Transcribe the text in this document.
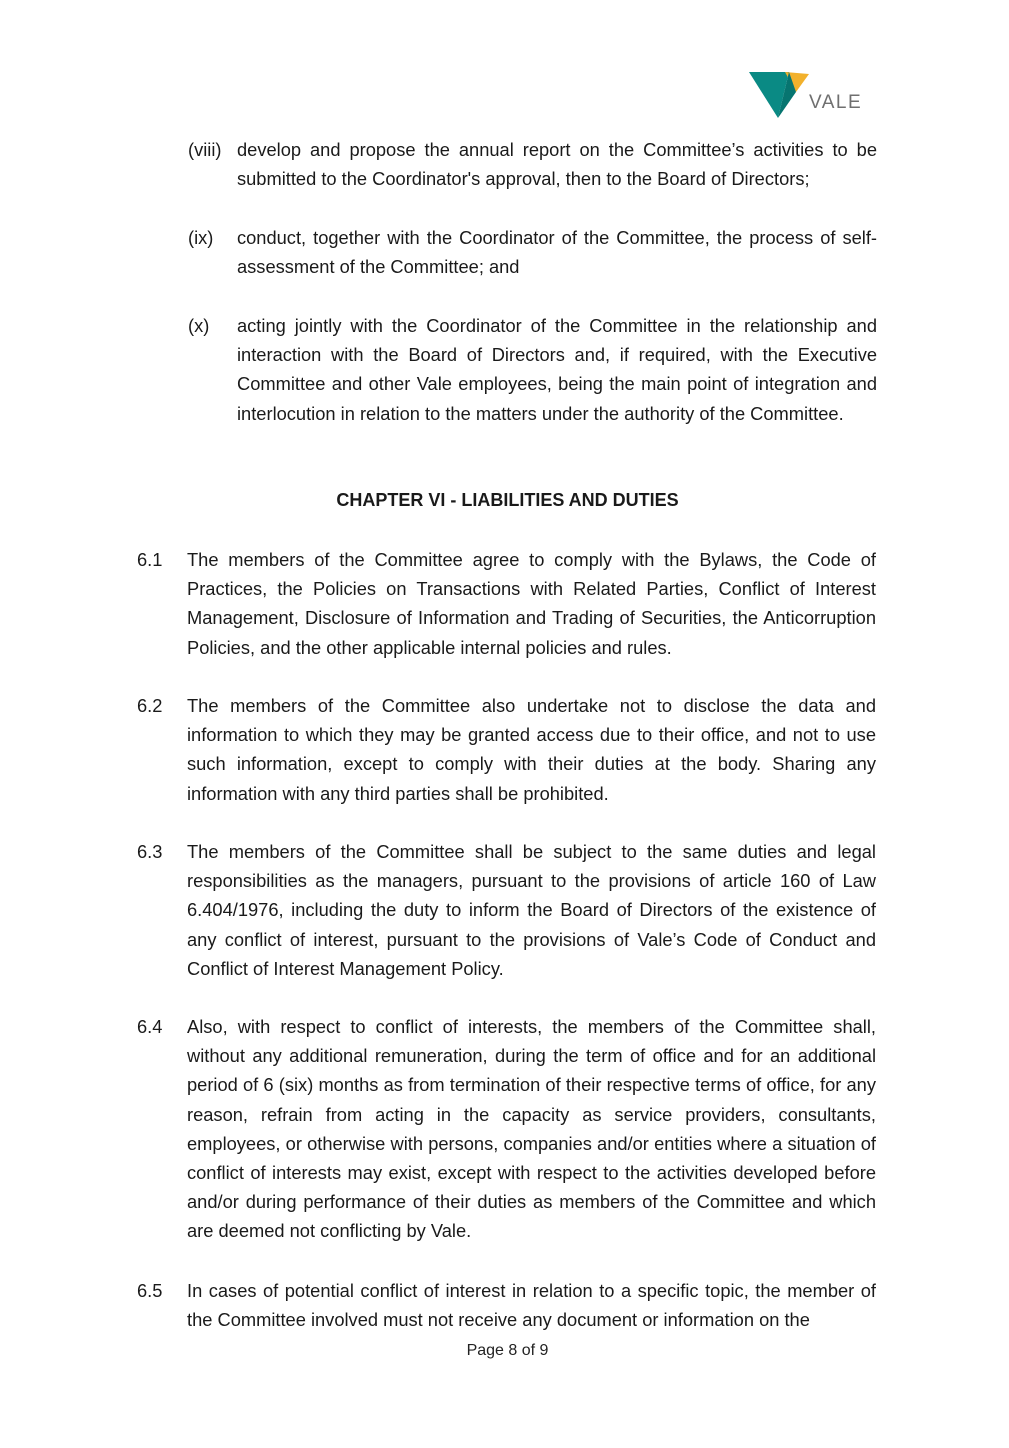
VALE
(viii) develop and propose the annual report on the Committee’s activities to be submitted to the Coordinator's approval, then to the Board of Directors;
(ix) conduct, together with the Coordinator of the Committee, the process of self-assessment of the Committee; and
(x) acting jointly with the Coordinator of the Committee in the relationship and interaction with the Board of Directors and, if required, with the Executive Committee and other Vale employees, being the main point of integration and interlocution in relation to the matters under the authority of the Committee.
CHAPTER VI - LIABILITIES AND DUTIES
6.1 The members of the Committee agree to comply with the Bylaws, the Code of Practices, the Policies on Transactions with Related Parties, Conflict of Interest Management, Disclosure of Information and Trading of Securities, the Anticorruption Policies, and the other applicable internal policies and rules.
6.2 The members of the Committee also undertake not to disclose the data and information to which they may be granted access due to their office, and not to use such information, except to comply with their duties at the body. Sharing any information with any third parties shall be prohibited.
6.3 The members of the Committee shall be subject to the same duties and legal responsibilities as the managers, pursuant to the provisions of article 160 of Law 6.404/1976, including the duty to inform the Board of Directors of the existence of any conflict of interest, pursuant to the provisions of Vale’s Code of Conduct and Conflict of Interest Management Policy.
6.4 Also, with respect to conflict of interests, the members of the Committee shall, without any additional remuneration, during the term of office and for an additional period of 6 (six) months as from termination of their respective terms of office, for any reason, refrain from acting in the capacity as service providers, consultants, employees, or otherwise with persons, companies and/or entities where a situation of conflict of interests may exist, except with respect to the activities developed before and/or during performance of their duties as members of the Committee and which are deemed not conflicting by Vale.
6.5 In cases of potential conflict of interest in relation to a specific topic, the member of the Committee involved must not receive any document or information on the
Page 8 of 9
